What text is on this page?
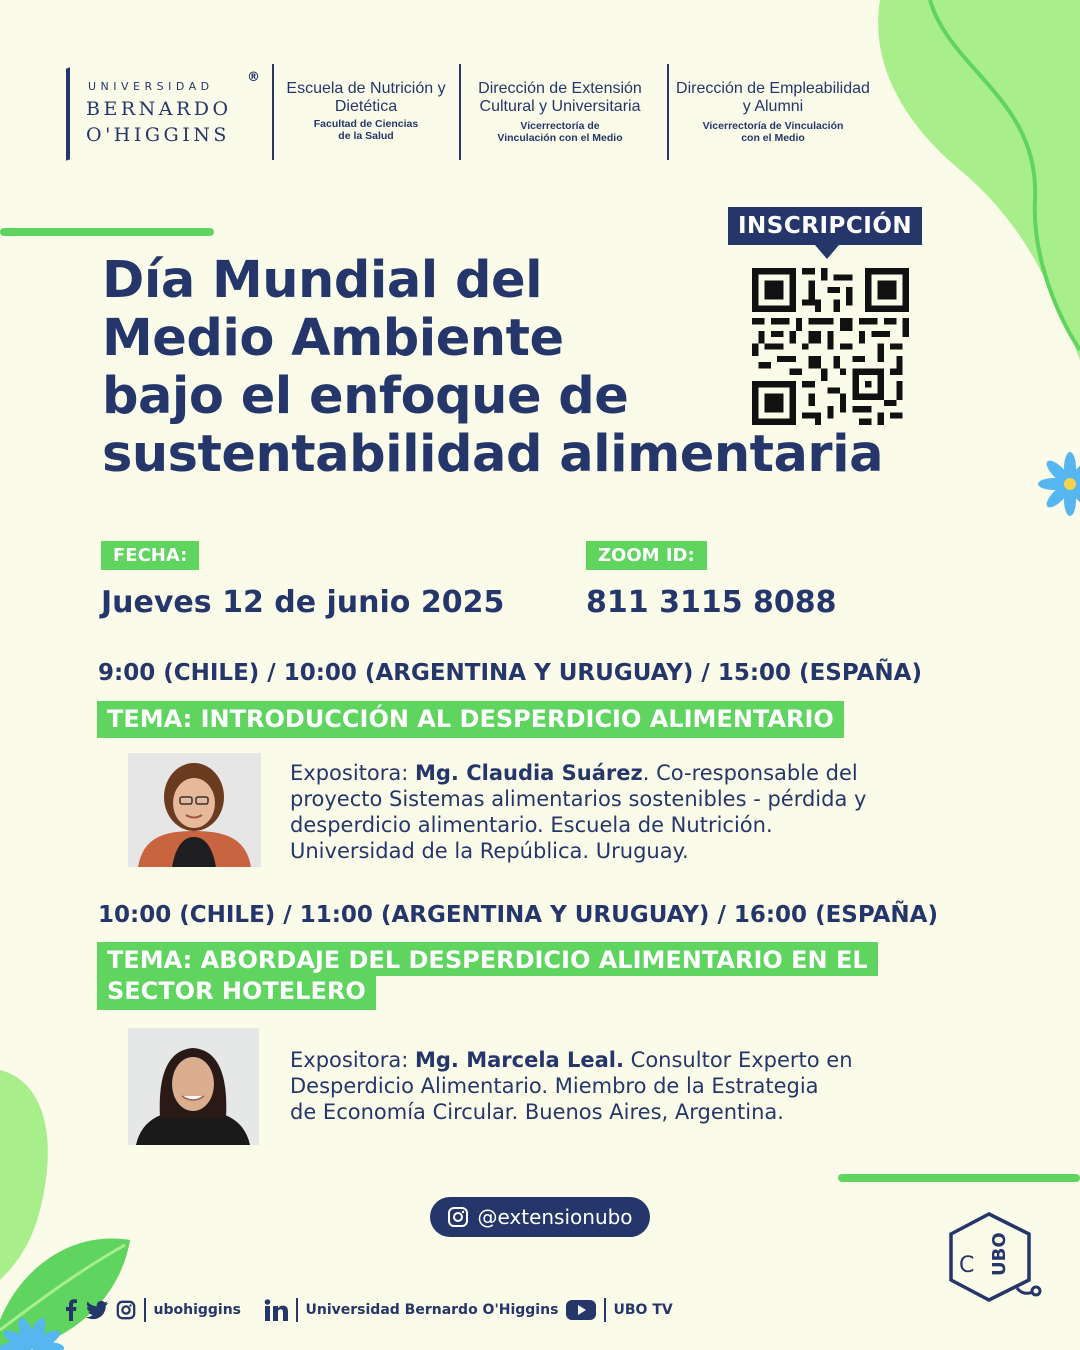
UNIVERSIDAD
®
BERNARDO
O'HIGGINS
Escuela de Nutrición y Dietética
Facultad de Ciencias de la Salud
Dirección de Extensión Cultural y Universitaria
Vicerrectoría de Vinculación con el Medio
Dirección de Empleabilidad y Alumni
Vicerrectoría de Vinculación con el Medio
Día Mundial del
Medio Ambiente
bajo el enfoque de
sustentabilidad alimentaria
INSCRIPCIÓN
FECHA:
Jueves 12 de junio 2025
ZOOM ID:
811 3115 8088
9:00 (CHILE) / 10:00 (ARGENTINA Y URUGUAY) / 15:00 (ESPAÑA)
TEMA: INTRODUCCIÓN AL DESPERDICIO ALIMENTARIO
Expositora: Mg. Claudia Suárez. Co-responsable del
proyecto Sistemas alimentarios sostenibles - pérdida y
desperdicio alimentario. Escuela de Nutrición.
Universidad de la República. Uruguay.
10:00 (CHILE) / 11:00 (ARGENTINA Y URUGUAY) / 16:00 (ESPAÑA)
TEMA: ABORDAJE DEL DESPERDICIO ALIMENTARIO EN EL
SECTOR HOTELERO
Expositora: Mg. Marcela Leal. Consultor Experto en
Desperdicio Alimentario. Miembro de la Estrategia
de Economía Circular. Buenos Aires, Argentina.
@extensionubo
C UBO
ubohiggins	Universidad Bernardo O'Higgins	UBO TV
